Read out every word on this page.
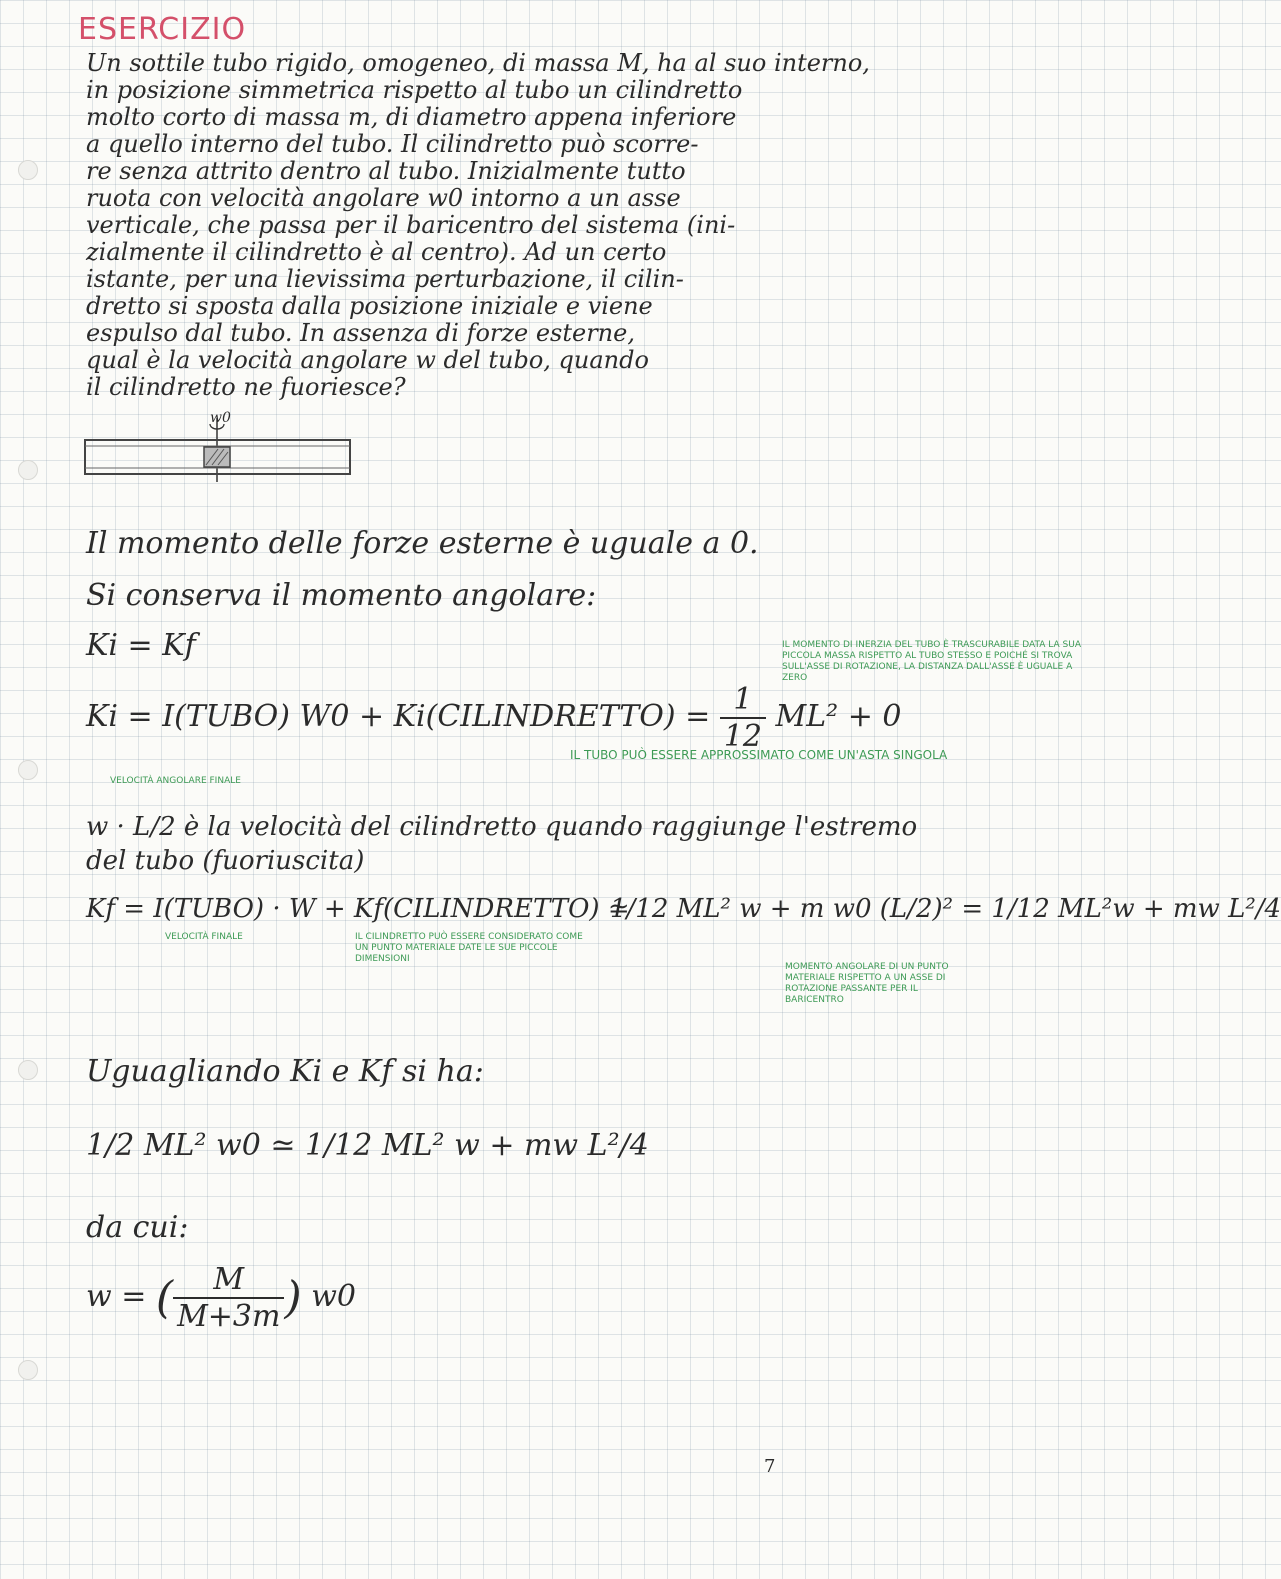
ESERCIZIO
Un sottile tubo rigido, omogeneo, di massa M, ha al suo interno,
in posizione simmetrica rispetto al tubo un cilindretto
molto corto di massa m, di diametro appena inferiore
a quello interno del tubo. Il cilindretto può scorre-
re senza attrito dentro al tubo. Inizialmente tutto
ruota con velocità angolare w0 intorno a un asse
verticale, che passa per il baricentro del sistema (ini-
zialmente il cilindretto è al centro). Ad un certo
istante, per una lievissima perturbazione, il cilin-
dretto si sposta dalla posizione iniziale e viene
espulso dal tubo. In assenza di forze esterne,
qual è la velocità angolare w del tubo, quando
il cilindretto ne fuoriesce?
w0
Il momento delle forze esterne è uguale a 0.
Si conserva il momento angolare:
Ki = Kf
Ki = I(TUBO) W0 + Ki(CILINDRETTO) = $\frac{1}{12} ML^2 + 0$
IL MOMENTO DI INERZIA DEL TUBO È TRASCURABILE DATA LA SUA PICCOLA MASSA RISPETTO AL TUBO STESSO E POICHÉ SI TROVA SULL'ASSE DI ROTAZIONE, LA DISTANZA DALL'ASSE È UGUALE A ZERO
IL TUBO PUÒ ESSERE APPROSSIMATO COME UN'ASTA SINGOLA
VELOCITÀ ANGOLARE FINALE
w · L/2 è la velocità del cilindretto quando raggiunge l'estremo
del tubo (fuoriuscita)
Kf = I(TUBO) · W + Kf(CILINDRETTO) ≃
1/12 ML² w + m w0 (L/2)² = 1/12 ML²w + mw L²/4
VELOCITÀ FINALE	IL CILINDRETTO PUÒ ESSERE CONSIDERATO COME UN PUNTO MATERIALE DATE LE SUE PICCOLE DIMENSIONI
MOMENTO ANGOLARE DI UN PUNTO MATERIALE RISPETTO A UN ASSE DI ROTAZIONE PASSANTE PER IL BARICENTRO
Uguagliando Ki e Kf si ha:
1/2 ML² w0 ≃ 1/12 ML² w + mw L²/4
da cui:
w = ( $\frac{M}{M+3m}$ ) w0
7
